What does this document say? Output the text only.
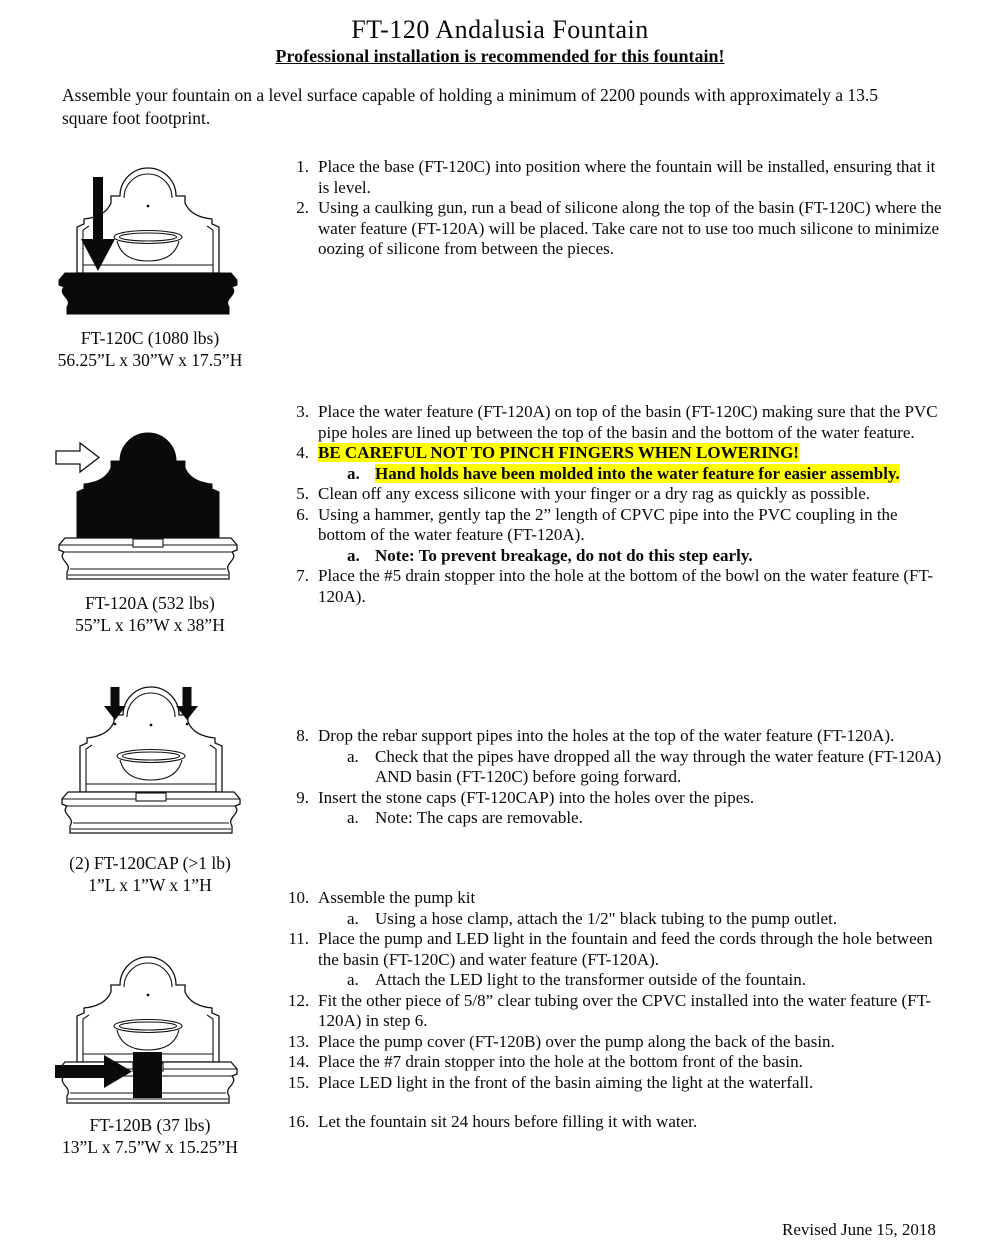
FT-120 Andalusia Fountain
Professional installation is recommended for this fountain!
Assemble your fountain on a level surface capable of holding a minimum of 2200 pounds with approximately a 13.5 square foot footprint.
FT-120C (1080 lbs)
56.25”L x 30”W x 17.5”H
FT-120A (532 lbs)
55”L x 16”W x 38”H
(2) FT-120CAP (>1 lb)
1”L x 1”W x 1”H
FT-120B (37 lbs)
13”L x 7.5”W x 15.25”H
1. Place the base (FT-120C) into position where the fountain will be installed, ensuring that it is level.
2. Using a caulking gun, run a bead of silicone along the top of the basin (FT-120C) where the water feature (FT-120A) will be placed. Take care not to use too much silicone to minimize oozing of silicone from between the pieces.
3. Place the water feature (FT-120A) on top of the basin (FT-120C) making sure that the PVC pipe holes are lined up between the top of the basin and the bottom of the water feature.
4. BE CAREFUL NOT TO PINCH FINGERS WHEN LOWERING!
a. Hand holds have been molded into the water feature for easier assembly.
5. Clean off any excess silicone with your finger or a dry rag as quickly as possible.
6. Using a hammer, gently tap the 2” length of CPVC pipe into the PVC coupling in the bottom of the water feature (FT-120A).
a. Note: To prevent breakage, do not do this step early.
7. Place the #5 drain stopper into the hole at the bottom of the bowl on the water feature (FT-120A).
8. Drop the rebar support pipes into the holes at the top of the water feature (FT-120A).
a. Check that the pipes have dropped all the way through the water feature (FT-120A) AND basin (FT-120C) before going forward.
9. Insert the stone caps (FT-120CAP) into the holes over the pipes.
a. Note: The caps are removable.
10. Assemble the pump kit
a. Using a hose clamp, attach the 1/2" black tubing to the pump outlet.
11. Place the pump and LED light in the fountain and feed the cords through the hole between the basin (FT-120C) and water feature (FT-120A).
a. Attach the LED light to the transformer outside of the fountain.
12. Fit the other piece of 5/8” clear tubing over the CPVC installed into the water feature (FT-120A) in step 6.
13. Place the pump cover (FT-120B) over the pump along the back of the basin.
14. Place the #7 drain stopper into the hole at the bottom front of the basin.
15. Place LED light in the front of the basin aiming the light at the waterfall.
16. Let the fountain sit 24 hours before filling it with water.
Revised June 15, 2018
